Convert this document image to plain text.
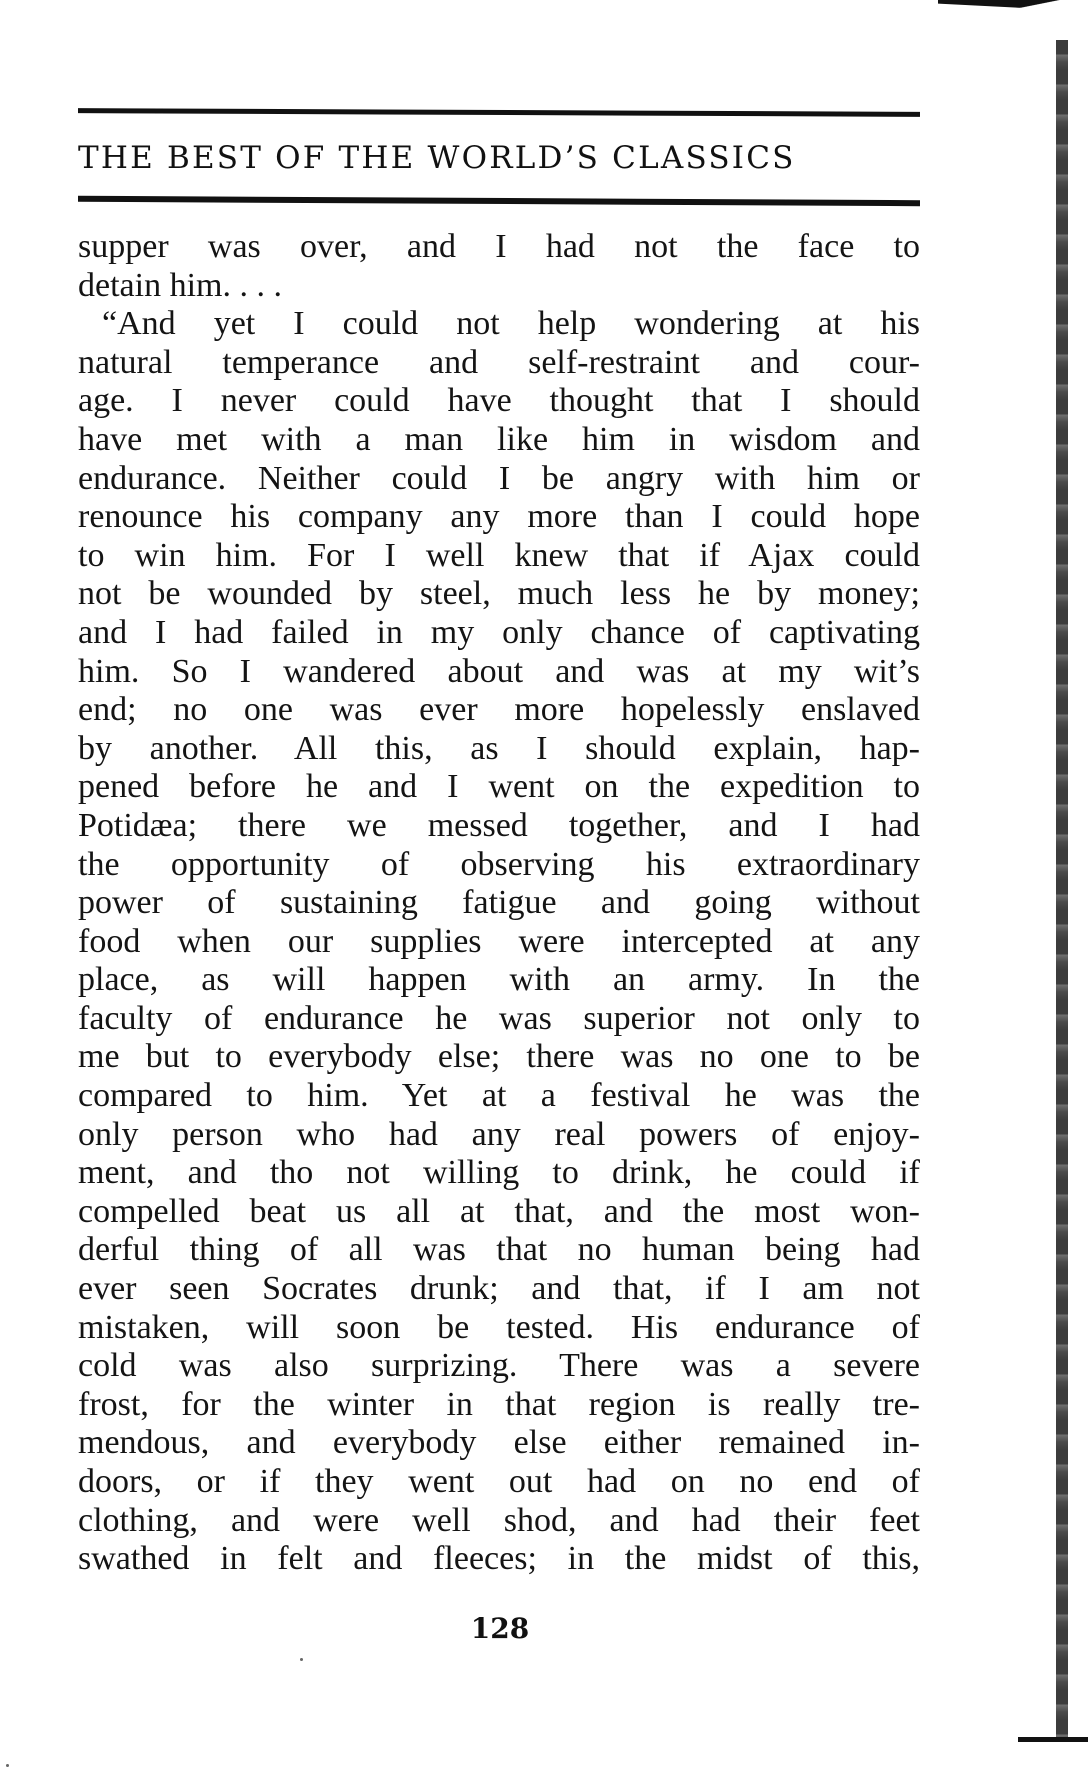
THE BEST OF THE WORLD’S CLASSICS
supper was over, and I had not the face to
detain him. . . .
“And yet I could not help wondering at his
natural temperance and self-restraint and cour-
age. I never could have thought that I should
have met with a man like him in wisdom and
endurance. Neither could I be angry with him or
renounce his company any more than I could hope
to win him. For I well knew that if Ajax could
not be wounded by steel, much less he by money;
and I had failed in my only chance of captivating
him. So I wandered about and was at my wit’s
end; no one was ever more hopelessly enslaved
by another. All this, as I should explain, hap-
pened before he and I went on the expedition to
Potidæa; there we messed together, and I had
the opportunity of observing his extraordinary
power of sustaining fatigue and going without
food when our supplies were intercepted at any
place, as will happen with an army. In the
faculty of endurance he was superior not only to
me but to everybody else; there was no one to be
compared to him. Yet at a festival he was the
only person who had any real powers of enjoy-
ment, and tho not willing to drink, he could if
compelled beat us all at that, and the most won-
derful thing of all was that no human being had
ever seen Socrates drunk; and that, if I am not
mistaken, will soon be tested. His endurance of
cold was also surprizing. There was a severe
frost, for the winter in that region is really tre-
mendous, and everybody else either remained in-
doors, or if they went out had on no end of
clothing, and were well shod, and had their feet
swathed in felt and fleeces; in the midst of this,
128
